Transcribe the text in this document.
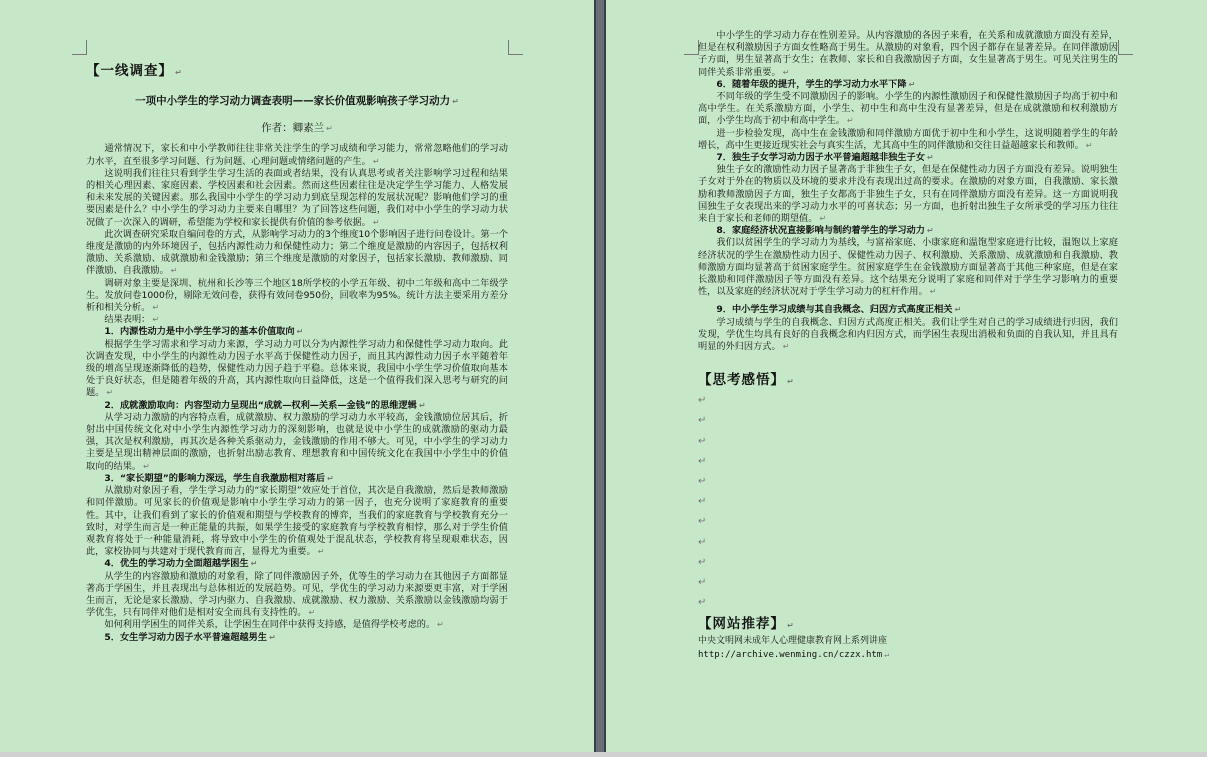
【一线调查】 ↵
一项中小学生的学习动力调查表明——家长价值观影响孩子学习动力 ↵
作者：卿素兰 ↵

通常情况下，家长和中小学教师往往非常关注学生的学习成绩和学习能力，常常忽略他们的学习动力水平，直至很多学习问题、行为问题、心理问题或情绪问题的产生。 ↵

这说明我们往往只看到学生学习生活的表面或者结果，没有认真思考或者关注影响学习过程和结果的相关心理因素、家庭因素、学校因素和社会因素。然而这些因素往往是决定学生学习能力、人格发展和未来发展的关键因素。那么我国中小学生的学习动力到底呈现怎样的发展状况呢？影响他们学习的重要因素是什么？中小学生的学习动力主要来自哪里？为了回答这些问题，我们对中小学生的学习动力状况做了一次深入的调研，希望能为学校和家长提供有价值的参考依据。 ↵

此次调查研究采取自编问卷的方式，从影响学习动力的3个维度10个影响因子进行问卷设计。第一个维度是激励的内外环境因子，包括内源性动力和保健性动力；第二个维度是激励的内容因子，包括权利激励、关系激励、成就激励和金钱激励；第三个维度是激励的对象因子，包括家长激励、教师激励、同伴激励、自我激励。 ↵

调研对象主要是深圳、杭州和长沙等三个地区18所学校的小学五年级、初中二年级和高中二年级学生。发放问卷1000份，剔除无效问卷，获得有效问卷950份，回收率为95%。统计方法主要采用方差分析和相关分析。 ↵

结果表明： ↵

1．内源性动力是中小学生学习的基本价值取向 ↵

根据学生学习需求和学习动力来源，学习动力可以分为内源性学习动力和保健性学习动力取向。此次调查发现，中小学生的内源性动力因子水平高于保健性动力因子，而且其内源性动力因子水平随着年级的增高呈现逐渐降低的趋势，保健性动力因子趋于平稳。总体来说，我国中小学生学习价值取向基本处于良好状态，但是随着年级的升高，其内源性取向日益降低，这是一个值得我们深入思考与研究的问题。 ↵

2．成就激励取向：内容型动力呈现出“成就—权利—关系—金钱”的思维逻辑 ↵

从学习动力激励的内容特点看，成就激励、权力激励的学习动力水平较高，金钱激励位居其后，折射出中国传统文化对中小学生内源性学习动力的深刻影响，也就是说中小学生的成就激励的驱动力最强，其次是权利激励，再其次是各种关系驱动力，金钱激励的作用不够大。可见，中小学生的学习动力主要是呈现出精神层面的激励，也折射出励志教育、理想教育和中国传统文化在我国中小学生中的价值取向的结果。 ↵

3．“家长期望”的影响力深远，学生自我激励相对落后 ↵

从激励对象因子看，学生学习动力的“家长期望”效应处于首位，其次是自我激励，然后是教师激励和同伴激励。可见家长的价值观是影响中小学生学习动力的第一因子，也充分说明了家庭教育的重要性。其中，让我们看到了家长的价值观和期望与学校教育的博弈，当我们的家庭教育与学校教育充分一致时，对学生而言是一种正能量的共振，如果学生接受的家庭教育与学校教育相悖，那么对于学生价值观教育将处于一种能量消耗，将导致中小学生的价值观处于混乱状态，学校教育将呈现艰难状态，因此，家校协同与共建对于现代教育而言，显得尤为重要。 ↵

4．优生的学习动力全面超越学困生 ↵

从学生的内容激励和激励的对象看，除了同伴激励因子外，优等生的学习动力在其他因子方面都显著高于学困生，并且表现出与总体相近的发展趋势。可见，学优生的学习动力来源要更丰富，对于学困生而言，无论是家长激励、学习内驱力、自我激励、成就激励、权力激励、关系激励以金钱激励均弱于学优生，只有同伴对他们是相对安全而具有支持性的。 ↵

如何利用学困生的同伴关系，让学困生在同伴中获得支持感，是值得学校考虑的。 ↵

5．女生学习动力因子水平普遍超越男生 ↵

中小学生的学习动力存在性别差异。从内容激励的各因子来看，在关系和成就激励方面没有差异，但是在权利激励因子方面女性略高于男生。从激励的对象看，四个因子都存在显著差异。在同伴激励因子方面，男生显著高于女生；在教师、家长和自我激励因子方面，女生显著高于男生。可见关注男生的同伴关系非常重要。 ↵

6．随着年级的提升，学生的学习动力水平下降 ↵

不同年级的学生受不同激励因子的影响。小学生的内源性激励因子和保健性激励因子均高于初中和高中学生。在关系激励方面，小学生、初中生和高中生没有显著差异，但是在成就激励和权利激励方面，小学生均高于初中和高中学生。 ↵

进一步检验发现，高中生在金钱激励和同伴激励方面优于初中生和小学生，这说明随着学生的年龄增长，高中生更接近现实社会与真实生活，尤其高中生的同伴激励和交往日益超越家长和教师。 ↵

7．独生子女学习动力因子水平普遍超越非独生子女 ↵

独生子女的激励性动力因子显著高于非独生子女，但是在保健性动力因子方面没有差异。说明独生子女对于外在的物质以及环境的要求并没有表现出过高的要求。在激励的对象方面，自我激励、家长激励和教师激励因子方面，独生子女都高于非独生子女，只有在同伴激励方面没有差异。这一方面说明我国独生子女表现出来的学习动力水平的可喜状态；另一方面，也折射出独生子女所承受的学习压力往往来自于家长和老师的期望值。 ↵

8．家庭经济状况直接影响与制约着学生的学习动力 ↵

我们以贫困学生的学习动力为基线，与富裕家庭、小康家庭和温饱型家庭进行比较，温饱以上家庭经济状况的学生在激励性动力因子、保健性动力因子、权利激励、关系激励、成就激励和自我激励、教师激励方面均显著高于贫困家庭学生。贫困家庭学生在金钱激励方面显著高于其他三种家庭，但是在家长激励和同伴激励因子等方面没有差异。这个结果充分说明了家庭和同伴对于学生学习影响力的重要性，以及家庭的经济状况对于学生学习动力的杠杆作用。 ↵

9．中小学生学习成绩与其自我概念、归因方式高度正相关 ↵

学习成绩与学生的自我概念、归因方式高度正相关。我们让学生对自己的学习成绩进行归因，我们发现，学优生均具有良好的自我概念和内归因方式，而学困生表现出消极和负面的自我认知，并且具有明显的外归因方式。 ↵

【思考感悟】 ↵
↵
↵
↵
↵
↵
↵
↵
↵
↵
↵
↵
【网站推荐】 ↵

中央文明网未成年人心理健康教育网上系列讲座

http://archive.wenming.cn/czzx.htm ↵
